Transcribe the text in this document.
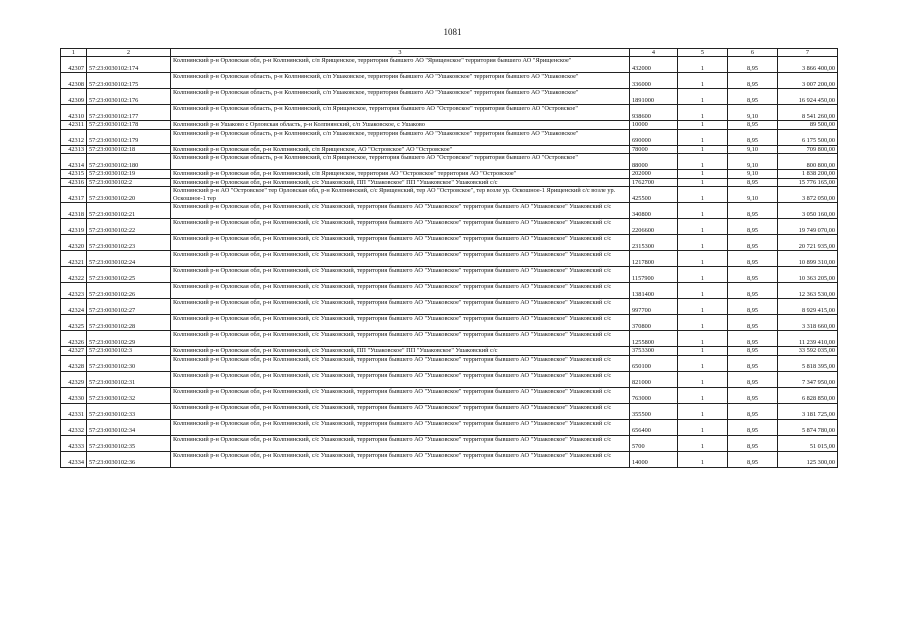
1081
1	2	3	4	5	6	7
42307	57:23:0030102:174	Колпнянский р-н Орловская обл, р-н Колпнянский, с/п Ярищенское, территория бывшего АО "Ярищенское" территория бывшего АО "Ярищенское"	432000	1	8,95	3 866 400,00
42308	57:23:0030102:175	Колпнянский р-н Орловская область, р-н Колпнянский, с/п Ушаковское, территория бывшего АО "Ушаковское" территория бывшего АО "Ушаковское"	336000	1	8,95	3 007 200,00
42309	57:23:0030102:176	Колпнянский р-н Орловская область, р-н Колпнянский, с/п Ушаковское, территория бывшего АО "Ушаковское" территория бывшего АО "Ушаковское"	1891000	1	8,95	16 924 450,00
42310	57:23:0030102:177	Колпнянский р-н Орловская область, р-н Колпнянский, с/п Ярищенское, территория бывшего АО "Островское" территория бывшего АО "Островское"	938600	1	9,10	8 541 260,00
42311	57:23:0030102:178	Колпнянский р-н Ушаково с Орловская область, р-н Колпнянский, с/п Ушаковское, с Ушаково	10000	1	8,95	89 500,00
42312	57:23:0030102:179	Колпнянский р-н Орловская область, р-н Колпнянский, с/п Ушаковское, территория бывшего АО "Ушаковское" территория бывшего АО "Ушаковское"	690000	1	8,95	6 175 500,00
42313	57:23:0030102:18	Колпнянский р-н Орловская обл, р-н Колпнянский, с/п Ярищенское, АО "Островское" АО "Островское"	78000	1	9,10	709 800,00
42314	57:23:0030102:180	Колпнянский р-н Орловская область, р-н Колпнянский, с/п Ярищенское, территория бывшего АО "Островское" территория бывшего АО "Островское"	88000	1	9,10	800 800,00
42315	57:23:0030102:19	Колпнянский р-н Орловская обл, р-н Колпнянский, с/п Ярищенское, территория АО "Островское" территория АО "Островское"	202000	1	9,10	1 838 200,00
42316	57:23:0030102:2	Колпнянский р-н Орловская обл, р-н Колпнянский, с/с Ушаковский, ПП "Ушаковское" ПП "Ушаковское" Ушаковский с/с	1762700	1	8,95	15 776 165,00
42317	57:23:0030102:20	Колпнянский р-н АО "Островское" тер Орловская обл, р-н Колпнянский, с/с Ярищенский, тер АО "Островское", тер возле ур. Оскошное-1 Ярищенский с/с возле ур. Оскошное-1 тер	425500	1	9,10	3 872 050,00
42318	57:23:0030102:21	Колпнянский р-н Орловская обл, р-н Колпнянский, с/с Ушаковский, территория бывшего АО "Ушаковское" территория бывшего АО "Ушаковское" Ушаковский с/с	340800	1	8,95	3 050 160,00
42319	57:23:0030102:22	Колпнянский р-н Орловская обл, р-н Колпнянский, с/с Ушаковский, территория бывшего АО "Ушаковское" территория бывшего АО "Ушаковское" Ушаковский с/с	2206600	1	8,95	19 749 070,00
42320	57:23:0030102:23	Колпнянский р-н Орловская обл, р-н Колпнянский, с/с Ушаковский, территория бывшего АО "Ушаковское" территория бывшего АО "Ушаковское" Ушаковский с/с	2315300	1	8,95	20 721 935,00
42321	57:23:0030102:24	Колпнянский р-н Орловская обл, р-н Колпнянский, с/с Ушаковский, территория бывшего АО "Ушаковское" территория бывшего АО "Ушаковское" Ушаковский с/с	1217800	1	8,95	10 899 310,00
42322	57:23:0030102:25	Колпнянский р-н Орловская обл, р-н Колпнянский, с/с Ушаковский, территория бывшего АО "Ушаковское" территория бывшего АО "Ушаковское" Ушаковский с/с	1157900	1	8,95	10 363 205,00
42323	57:23:0030102:26	Колпнянский р-н Орловская обл, р-н Колпнянский, с/с Ушаковский, территория бывшего АО "Ушаковское" территория бывшего АО "Ушаковское" Ушаковский с/с	1381400	1	8,95	12 363 530,00
42324	57:23:0030102:27	Колпнянский р-н Орловская обл, р-н Колпнянский, с/с Ушаковский, территория бывшего АО "Ушаковское" территория бывшего АО "Ушаковское" Ушаковский с/с	997700	1	8,95	8 929 415,00
42325	57:23:0030102:28	Колпнянский р-н Орловская обл, р-н Колпнянский, с/с Ушаковский, территория бывшего АО "Ушаковское" территория бывшего АО "Ушаковское" Ушаковский с/с	370800	1	8,95	3 318 660,00
42326	57:23:0030102:29	Колпнянский р-н Орловская обл, р-н Колпнянский, с/с Ушаковский, территория бывшего АО "Ушаковское" территория бывшего АО "Ушаковское" Ушаковский с/с	1255800	1	8,95	11 239 410,00
42327	57:23:0030102:3	Колпнянский р-н Орловская обл, р-н Колпнянский, с/с Ушаковский, ПП "Ушаковское" ПП "Ушаковское" Ушаковский с/с	3753300	1	8,95	33 592 035,00
42328	57:23:0030102:30	Колпнянский р-н Орловская обл, р-н Колпнянский, с/с Ушаковский, территория бывшего АО "Ушаковское" территория бывшего АО "Ушаковское" Ушаковский с/с	650100	1	8,95	5 818 395,00
42329	57:23:0030102:31	Колпнянский р-н Орловская обл, р-н Колпнянский, с/с Ушаковский, территория бывшего АО "Ушаковское" территория бывшего АО "Ушаковское" Ушаковский с/с	821000	1	8,95	7 347 950,00
42330	57:23:0030102:32	Колпнянский р-н Орловская обл, р-н Колпнянский, с/с Ушаковский, территория бывшего АО "Ушаковское" территория бывшего АО "Ушаковское" Ушаковский с/с	763000	1	8,95	6 828 850,00
42331	57:23:0030102:33	Колпнянский р-н Орловская обл, р-н Колпнянский, с/с Ушаковский, территория бывшего АО "Ушаковское" территория бывшего АО "Ушаковское" Ушаковский с/с	355500	1	8,95	3 181 725,00
42332	57:23:0030102:34	Колпнянский р-н Орловская обл, р-н Колпнянский, с/с Ушаковский, территория бывшего АО "Ушаковское" территория бывшего АО "Ушаковское" Ушаковский с/с	656400	1	8,95	5 874 780,00
42333	57:23:0030102:35	Колпнянский р-н Орловская обл, р-н Колпнянский, с/с Ушаковский, территория бывшего АО "Ушаковское" территория бывшего АО "Ушаковское" Ушаковский с/с	5700	1	8,95	51 015,00
42334	57:23:0030102:36	Колпнянский р-н Орловская обл, р-н Колпнянский, с/с Ушаковский, территория бывшего АО "Ушаковское" территория бывшего АО "Ушаковское" Ушаковский с/с	14000	1	8,95	125 300,00
